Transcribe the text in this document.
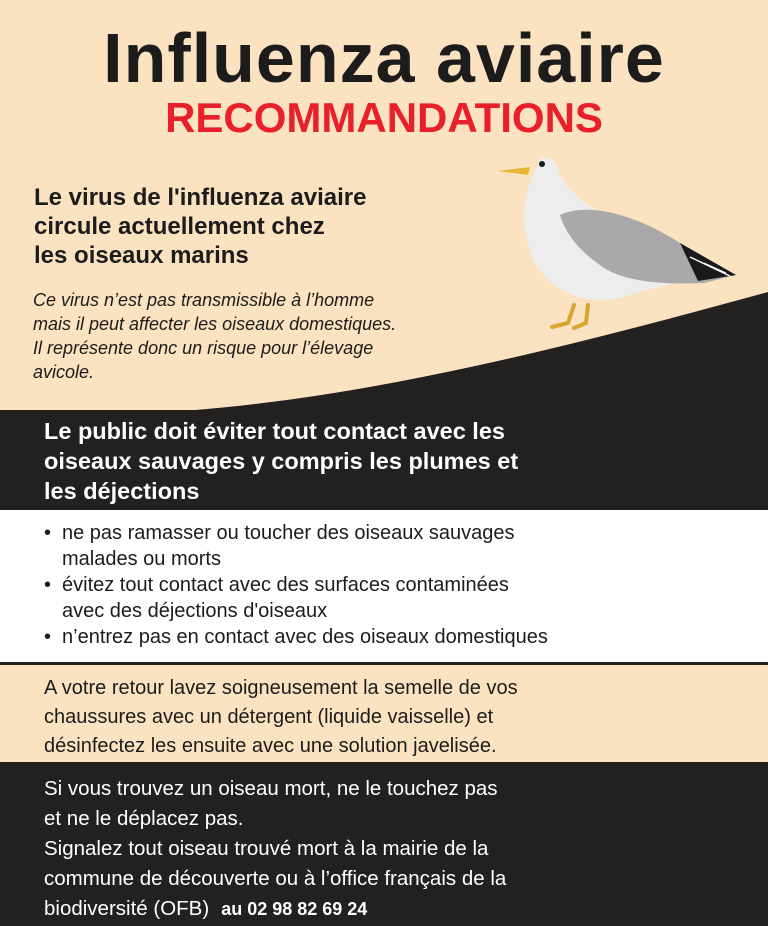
Influenza aviaire
RECOMMANDATIONS
Le virus de l'influenza aviaire
circule actuellement chez
les oiseaux marins
Ce virus n’est pas transmissible à l’homme
mais il peut affecter les oiseaux domestiques.
Il représente donc un risque pour l’élevage
avicole.
Le public doit éviter tout contact avec les
oiseaux sauvages y compris les plumes et
les déjections
• ne pas ramasser ou toucher des oiseaux sauvages
malades ou morts
• évitez tout contact avec des surfaces contaminées
avec des déjections d'oiseaux
• n’entrez pas en contact avec des oiseaux domestiques
A votre retour lavez soigneusement la semelle de vos
chaussures avec un détergent (liquide vaisselle) et
désinfectez les ensuite avec une solution javelisée.
Si vous trouvez un oiseau mort, ne le touchez pas
et ne le déplacez pas.
Signalez tout oiseau trouvé mort à la mairie de la
commune de découverte ou à l’office français de la
biodiversité (OFB) au 02 98 82 69 24
